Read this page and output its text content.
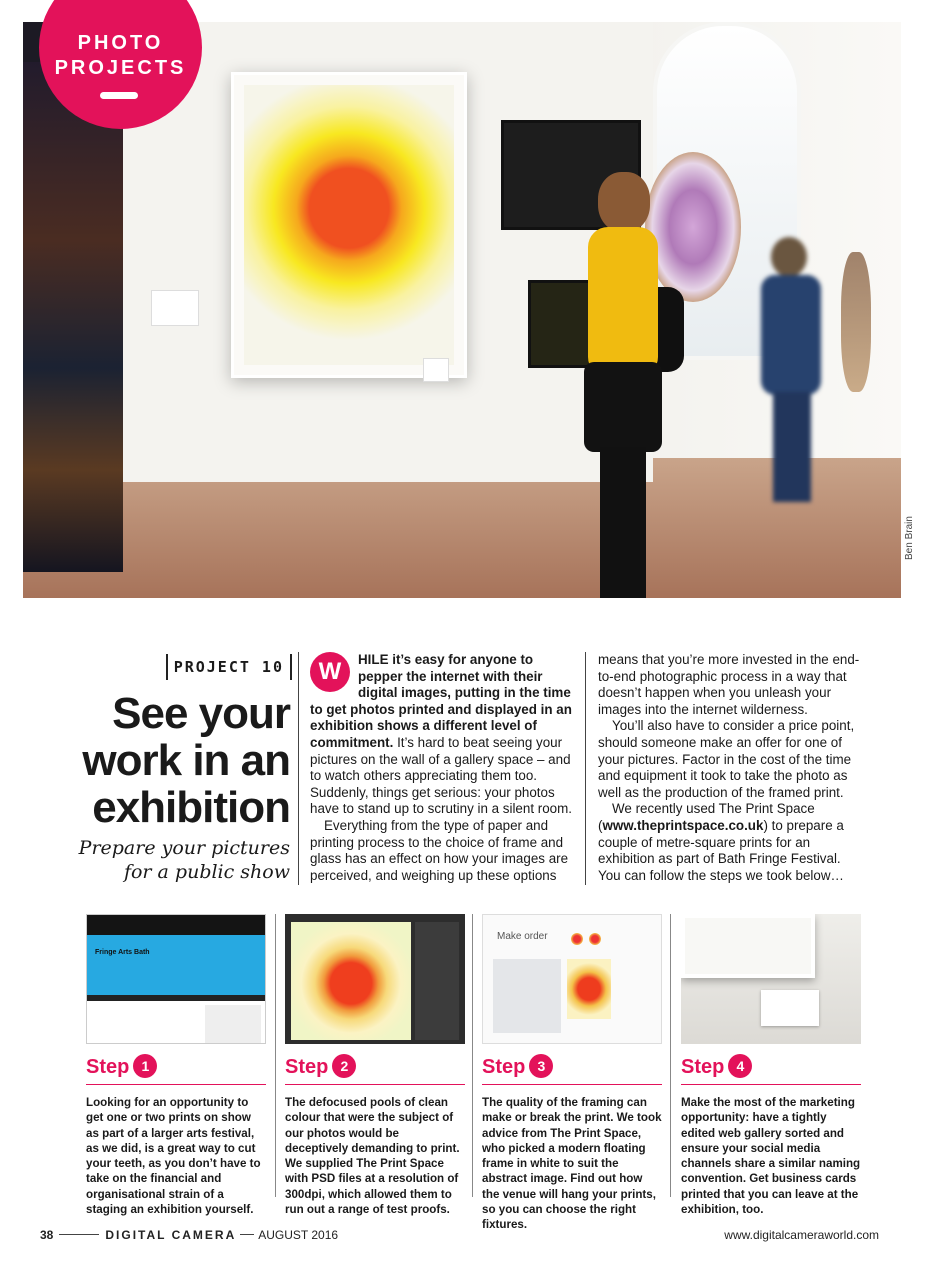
Ben Brain
PHOTO
PROJECTS
PROJECT 10
See your work in an exhibition
Prepare your pictures for a public show

W	HILE it’s easy for anyone to pepper the internet with their digital images, putting in the time to get photos printed and displayed in an exhibition shows a different level of commitment. It’s hard to beat seeing your pictures on the wall of a gallery space – and to watch others appreciating them too. Suddenly, things get serious: your photos have to stand up to scrutiny in a silent room.

Everything from the type of paper and printing process to the choice of frame and glass has an effect on how your images are perceived, and weighing up these options

means that you’re more invested in the end-to-end photographic process in a way that doesn’t happen when you unleash your images into the internet wilderness.

You’ll also have to consider a price point, should someone make an offer for one of your pictures. Factor in the cost of the time and equipment it took to take the photo as well as the production of the framed print.

We recently used The Print Space (www.theprintspace.co.uk) to prepare a couple of metre-square prints for an exhibition as part of Bath Fringe Festival. You can follow the steps we took below…

Fringe Arts Bath
Step 1

Looking for an opportunity to get one or two prints on show as part of a larger arts festival, as we did, is a great way to cut your teeth, as you don’t have to take on the financial and organisational strain of a staging an exhibition yourself.

Step 2

The defocused pools of clean colour that were the subject of our photos would be deceptively demanding to print. We supplied The Print Space with PSD files at a resolution of 300dpi, which allowed them to run out a range of test proofs.

Make order
Step 3

The quality of the framing can make or break the print. We took advice from The Print Space, who picked a modern floating frame in white to suit the abstract image. Find out how the venue will hang your prints, so you can choose the right fixtures.

Step 4

Make the most of the marketing opportunity: have a tightly edited web gallery sorted and ensure your social media channels share a similar naming convention. Get business cards printed that you can leave at the exhibition, too.

38	DIGITAL CAMERA AUGUST 2016	www.digitalcameraworld.com
